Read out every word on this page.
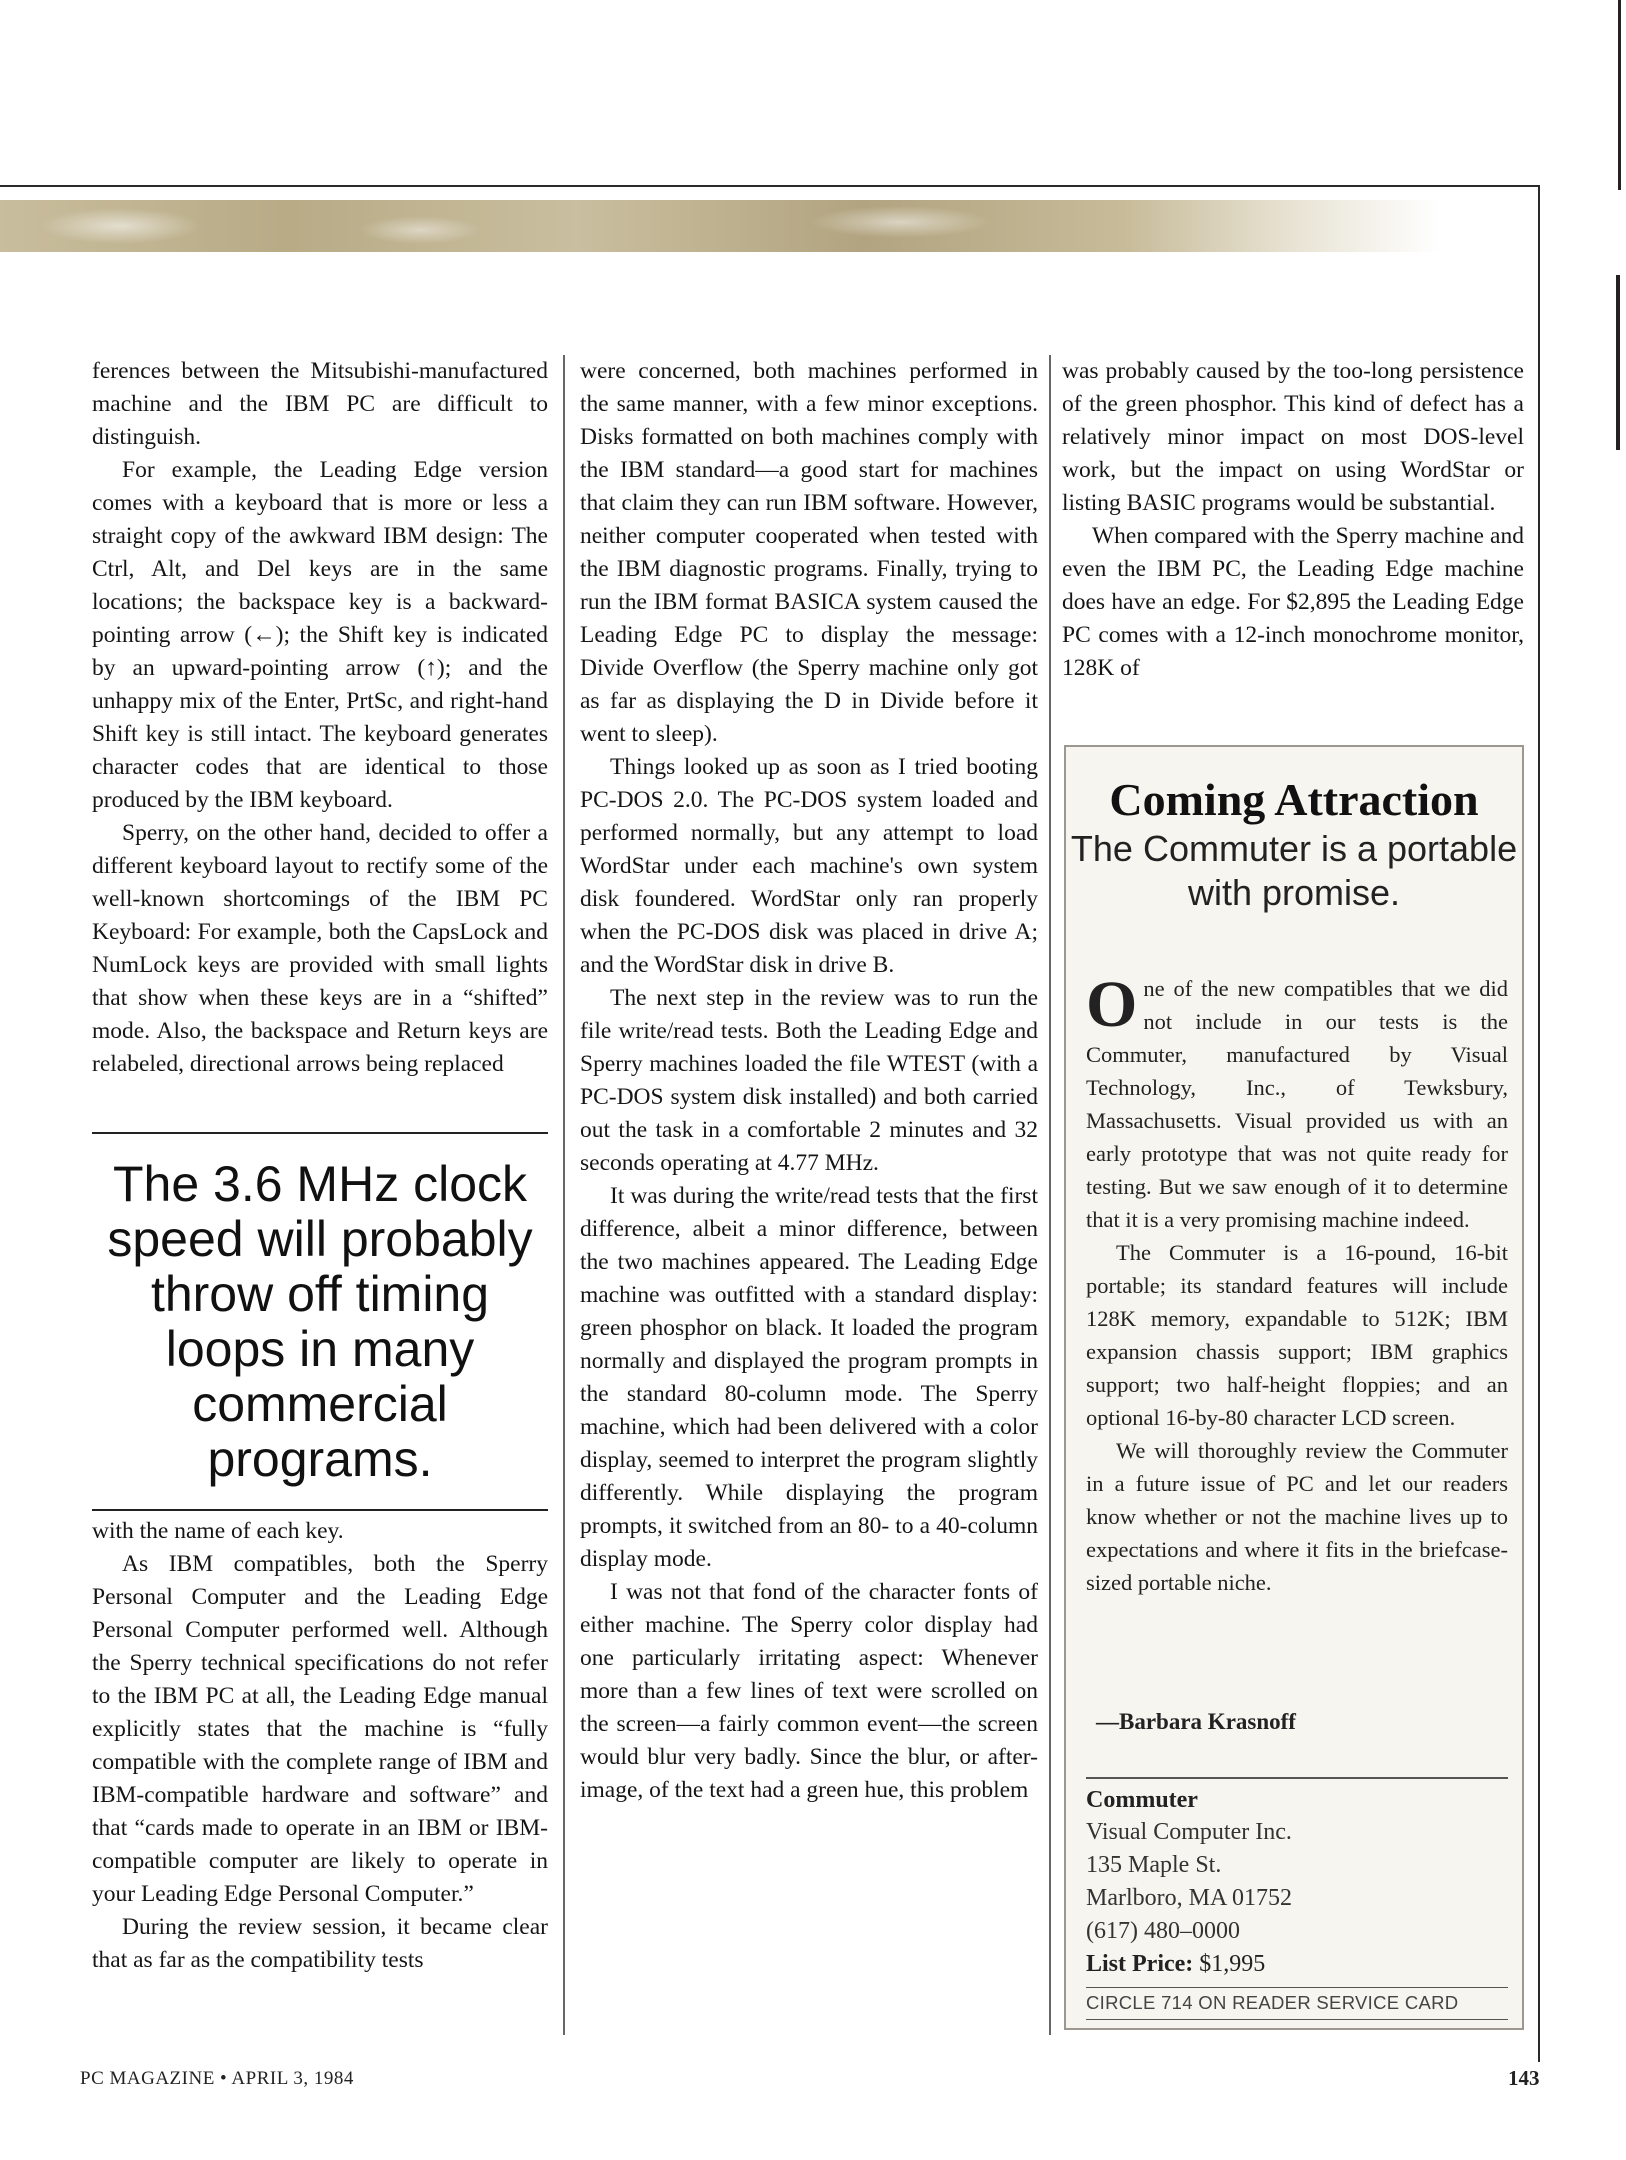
ferences between the Mitsubishi-manufactured machine and the IBM PC are difficult to distinguish.

For example, the Leading Edge version comes with a keyboard that is more or less a straight copy of the awkward IBM design: The Ctrl, Alt, and Del keys are in the same locations; the backspace key is a backward-pointing arrow (←); the Shift key is indicated by an upward-pointing arrow (↑); and the unhappy mix of the Enter, PrtSc, and right-hand Shift key is still intact. The keyboard generates character codes that are identical to those produced by the IBM keyboard.

Sperry, on the other hand, decided to offer a different keyboard layout to rectify some of the well-known shortcomings of the IBM PC Keyboard: For example, both the CapsLock and NumLock keys are provided with small lights that show when these keys are in a “shifted” mode. Also, the backspace and Return keys are relabeled, directional arrows being replaced

The 3.6 MHz clock speed will probably throw off timing loops in many commercial programs.

with the name of each key.

As IBM compatibles, both the Sperry Personal Computer and the Leading Edge Personal Computer performed well. Although the Sperry technical specifications do not refer to the IBM PC at all, the Leading Edge manual explicitly states that the machine is “fully compatible with the complete range of IBM and IBM-compatible hardware and software” and that “cards made to operate in an IBM or IBM-compatible computer are likely to operate in your Leading Edge Personal Computer.”

During the review session, it became clear that as far as the compatibility tests

were concerned, both machines performed in the same manner, with a few minor exceptions. Disks formatted on both machines comply with the IBM standard—a good start for machines that claim they can run IBM software. However, neither computer cooperated when tested with the IBM diagnostic programs. Finally, trying to run the IBM format BASICA system caused the Leading Edge PC to display the message: Divide Overflow (the Sperry machine only got as far as displaying the D in Divide before it went to sleep).

Things looked up as soon as I tried booting PC-DOS 2.0. The PC-DOS system loaded and performed normally, but any attempt to load WordStar under each machine's own system disk foundered. WordStar only ran properly when the PC-DOS disk was placed in drive A; and the WordStar disk in drive B.

The next step in the review was to run the file write/read tests. Both the Leading Edge and Sperry machines loaded the file WTEST (with a PC-DOS system disk installed) and both carried out the task in a comfortable 2 minutes and 32 seconds operating at 4.77 MHz.

It was during the write/read tests that the first difference, albeit a minor difference, between the two machines appeared. The Leading Edge machine was outfitted with a standard display: green phosphor on black. It loaded the program normally and displayed the program prompts in the standard 80-column mode. The Sperry machine, which had been delivered with a color display, seemed to interpret the program slightly differently. While displaying the program prompts, it switched from an 80- to a 40-column display mode.

I was not that fond of the character fonts of either machine. The Sperry color display had one particularly irritating aspect: Whenever more than a few lines of text were scrolled on the screen—a fairly common event—the screen would blur very badly. Since the blur, or after-image, of the text had a green hue, this problem

was probably caused by the too-long persistence of the green phosphor. This kind of defect has a relatively minor impact on most DOS-level work, but the impact on using WordStar or listing BASIC programs would be substantial.

When compared with the Sperry machine and even the IBM PC, the Leading Edge machine does have an edge. For $2,895 the Leading Edge PC comes with a 12-inch monochrome monitor, 128K of

Coming Attraction
The Commuter is a portable with promise.

One of the new compatibles that we did not include in our tests is the Commuter, manufactured by Visual Technology, Inc., of Tewksbury, Massachusetts. Visual provided us with an early prototype that was not quite ready for testing. But we saw enough of it to determine that it is a very promising machine indeed.

The Commuter is a 16-pound, 16-bit portable; its standard features will include 128K memory, expandable to 512K; IBM expansion chassis support; IBM graphics support; two half-height floppies; and an optional 16-by-80 character LCD screen.

We will thoroughly review the Commuter in a future issue of PC and let our readers know whether or not the machine lives up to expectations and where it fits in the briefcase-sized portable niche.

—Barbara Krasnoff
Commuter
Visual Computer Inc.
135 Maple St.
Marlboro, MA 01752
(617) 480–0000
List Price: $1,995
CIRCLE 714 ON READER SERVICE CARD
PC MAGAZINE • APRIL 3, 1984	143
